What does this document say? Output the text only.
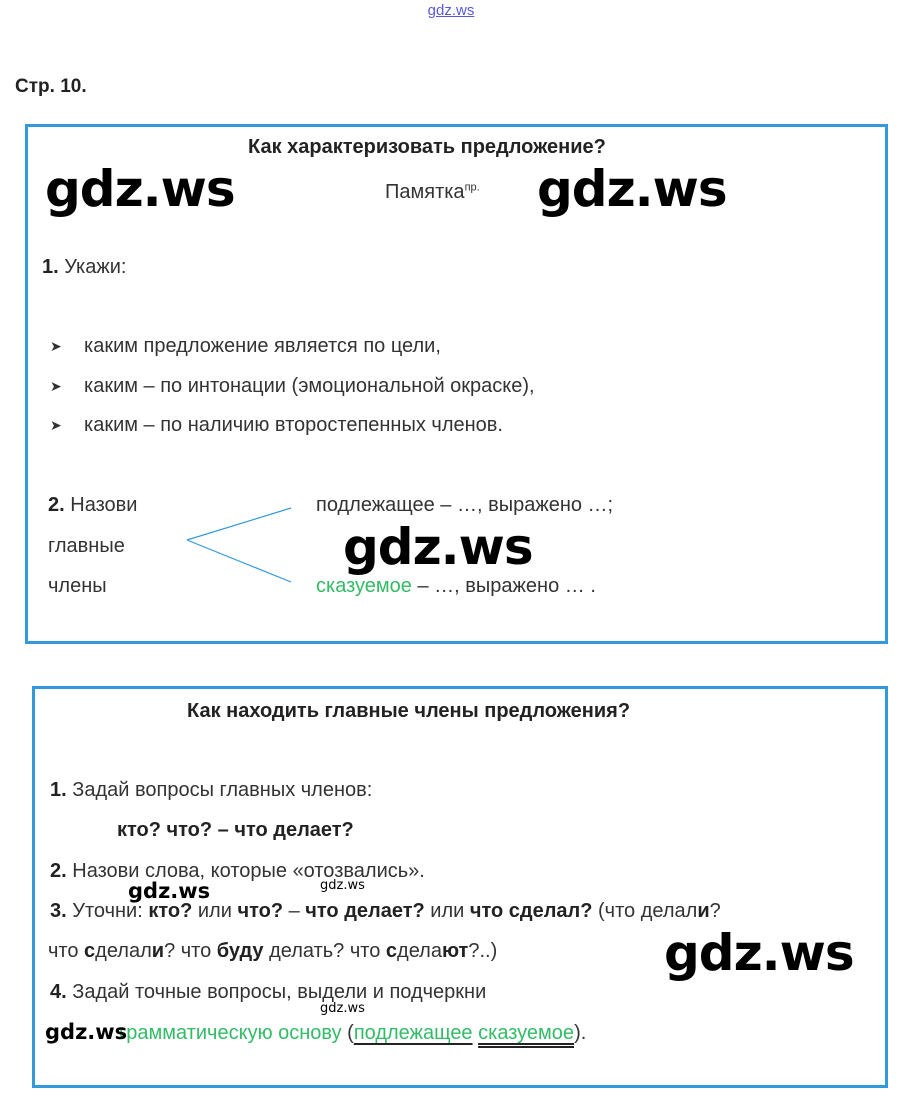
gdz.ws
Стр. 10.
Как характеризовать предложение?
Памятка$^{пр.}$
gdz.ws	gdz.ws
1. Укажи:
➤ каким предложение является по цели,
➤ каким – по интонации (эмоциональной окраске),
➤ каким – по наличию второстепенных членов.
2. Назови
главные
члены
подлежащее – …, выражено …;
сказуемое – …, выражено … .
gdz.ws
Как находить главные члены предложения?
1. Задай вопросы главных членов:
кто? что? – что делает?
2. Назови слова, которые «отозвались».
gdz.ws	gdz.ws
3. Уточни: кто? или что? – что делает? или что сделал? (что делали?
что сделали? что буду делать? что сделают?..)	gdz.ws
4. Задай точные вопросы, выдели и подчеркни
gdz.ws
грамматическую основу (подлежащее сказуемое).
gdz.ws
